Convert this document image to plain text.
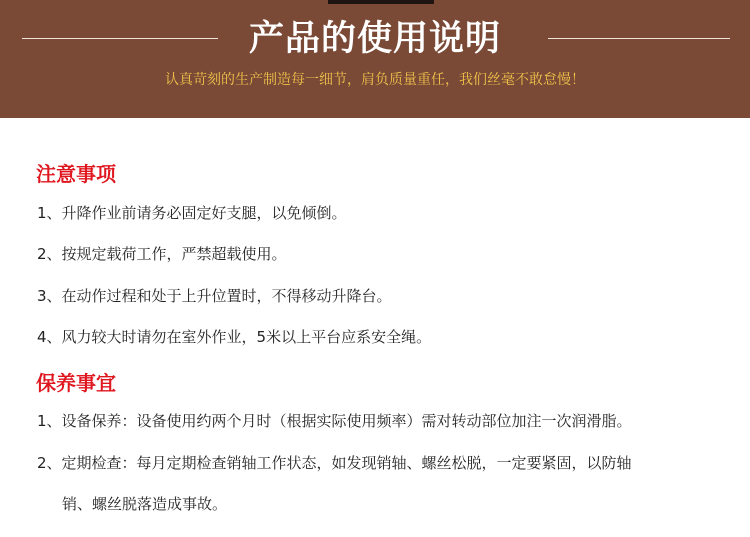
产品的使用说明
认真苛刻的生产制造每一细节，肩负质量重任，我们丝毫不敢怠慢！
注意事项
1、升降作业前请务必固定好支腿，以免倾倒。
2、按规定载荷工作，严禁超载使用。
3、在动作过程和处于上升位置时，不得移动升降台。
4、风力较大时请勿在室外作业，5米以上平台应系安全绳。
保养事宜
1、设备保养：设备使用约两个月时（根据实际使用频率）需对转动部位加注一次润滑脂。
2、定期检查：每月定期检查销轴工作状态，如发现销轴、螺丝松脱，一定要紧固，以防轴
销、螺丝脱落造成事故。
